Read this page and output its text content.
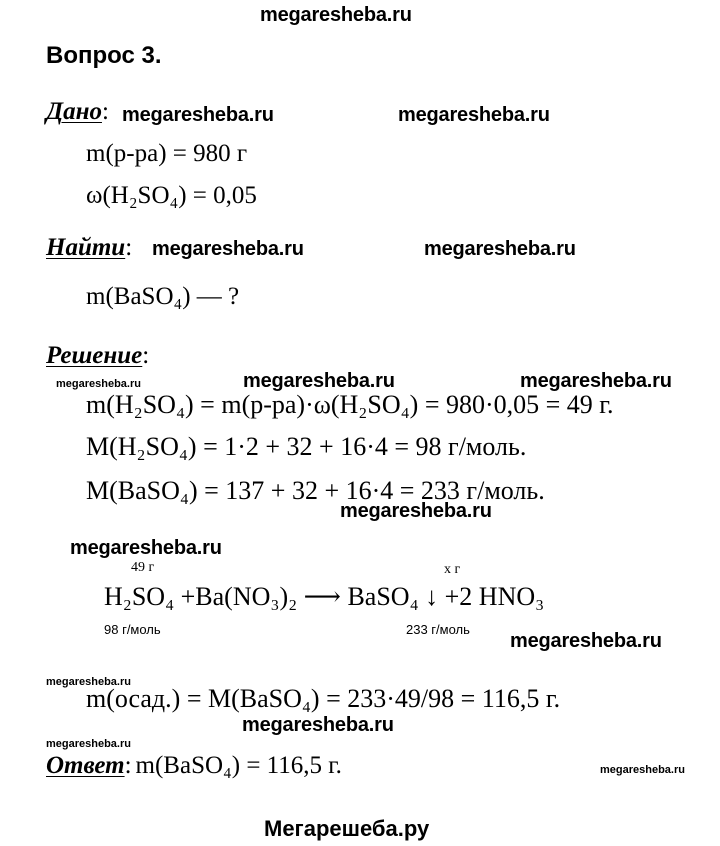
megaresheba.ru
Вопрос 3.
Дано: megaresheba.ru	megaresheba.ru
m(р-ра) = 980 г
ω(H₂SO₄) = 0,05
Найти: megaresheba.ru	megaresheba.ru
m(BaSO₄) — ?
Решение:
megaresheba.ru	megaresheba.ru	megaresheba.ru
m(H₂SO₄) = m(р-ра)·ω(H₂SO₄) = 980·0,05 = 49 г.
M(H₂SO₄) = 1·2 + 32 + 16·4 = 98 г/моль.
M(BaSO₄) = 137 + 32 + 16·4 = 233 г/моль.
megaresheba.ru
megaresheba.ru
49 г	x г
H₂SO₄ +Ba(NO₃)₂ ⟶ BaSO₄ ↓ +2 HNO₃
98 г/моль	233 г/моль
megaresheba.ru
megaresheba.ru
m(осад.) = M(BaSO₄) = 233·49/98 = 116,5 г.
megaresheba.ru
megaresheba.ru
Ответ: m(BaSO₄) = 116,5 г.	megaresheba.ru
Мегарешеба.ру
